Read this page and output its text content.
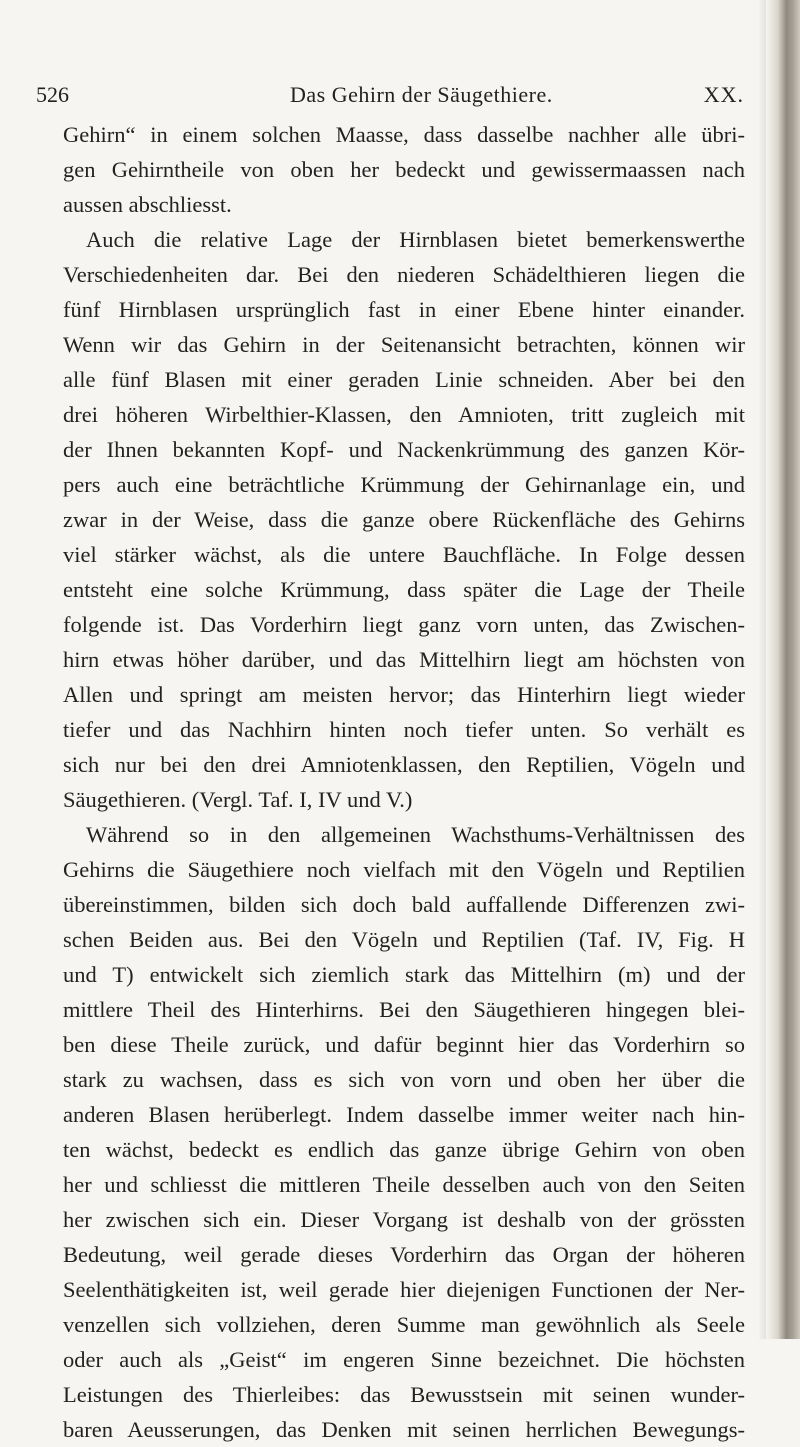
526	Das Gehirn der Säugethiere.	XX.
Gehirn“ in einem solchen Maasse, dass dasselbe nachher alle übri-
gen Gehirntheile von oben her bedeckt und gewissermaassen nach
aussen abschliesst.
Auch die relative Lage der Hirnblasen bietet bemerkenswerthe
Verschiedenheiten dar. Bei den niederen Schädelthieren liegen die
fünf Hirnblasen ursprünglich fast in einer Ebene hinter einander.
Wenn wir das Gehirn in der Seitenansicht betrachten, können wir
alle fünf Blasen mit einer geraden Linie schneiden. Aber bei den
drei höheren Wirbelthier-Klassen, den Amnioten, tritt zugleich mit
der Ihnen bekannten Kopf- und Nackenkrümmung des ganzen Kör-
pers auch eine beträchtliche Krümmung der Gehirnanlage ein, und
zwar in der Weise, dass die ganze obere Rückenfläche des Gehirns
viel stärker wächst, als die untere Bauchfläche. In Folge dessen
entsteht eine solche Krümmung, dass später die Lage der Theile
folgende ist. Das Vorderhirn liegt ganz vorn unten, das Zwischen-
hirn etwas höher darüber, und das Mittelhirn liegt am höchsten von
Allen und springt am meisten hervor; das Hinterhirn liegt wieder
tiefer und das Nachhirn hinten noch tiefer unten. So verhält es
sich nur bei den drei Amniotenklassen, den Reptilien, Vögeln und
Säugethieren. (Vergl. Taf. I, IV und V.)
Während so in den allgemeinen Wachsthums-Verhältnissen des
Gehirns die Säugethiere noch vielfach mit den Vögeln und Reptilien
übereinstimmen, bilden sich doch bald auffallende Differenzen zwi-
schen Beiden aus. Bei den Vögeln und Reptilien (Taf. IV, Fig. H
und T) entwickelt sich ziemlich stark das Mittelhirn (m) und der
mittlere Theil des Hinterhirns. Bei den Säugethieren hingegen blei-
ben diese Theile zurück, und dafür beginnt hier das Vorderhirn so
stark zu wachsen, dass es sich von vorn und oben her über die
anderen Blasen herüberlegt. Indem dasselbe immer weiter nach hin-
ten wächst, bedeckt es endlich das ganze übrige Gehirn von oben
her und schliesst die mittleren Theile desselben auch von den Seiten
her zwischen sich ein. Dieser Vorgang ist deshalb von der grössten
Bedeutung, weil gerade dieses Vorderhirn das Organ der höheren
Seelenthätigkeiten ist, weil gerade hier diejenigen Functionen der Ner-
venzellen sich vollziehen, deren Summe man gewöhnlich als Seele
oder auch als „Geist“ im engeren Sinne bezeichnet. Die höchsten
Leistungen des Thierleibes: das Bewusstsein mit seinen wunder-
baren Aeusserungen, das Denken mit seinen herrlichen Bewegungs-
